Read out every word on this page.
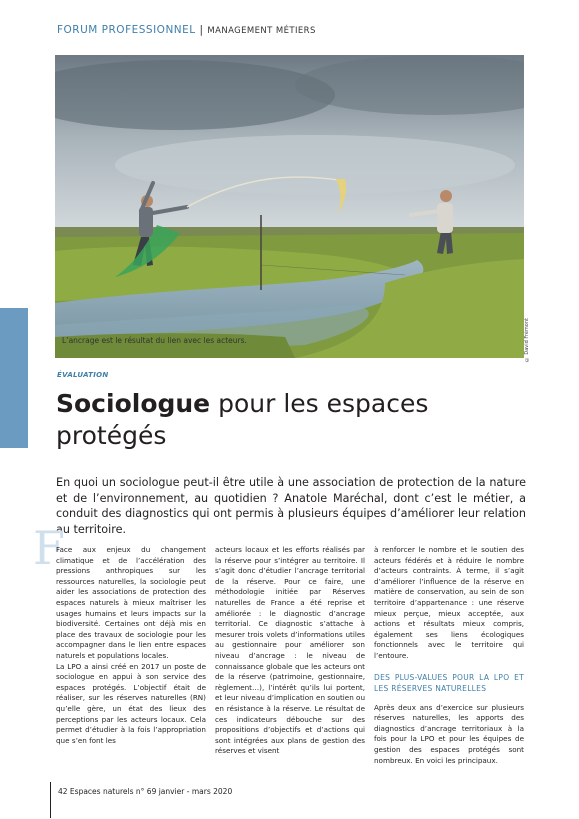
FORUM PROFESSIONNEL | MANAGEMENT MÉTIERS
L’ancrage est le résultat du lien avec les acteurs.	© David Frémont
ÉVALUATION
Sociologue pour les espaces protégés
En quoi un sociologue peut-il être utile à une association de protection de la nature et de l’environnement, au quotidien ? Anatole Maréchal, dont c’est le métier, a conduit des diagnostics qui ont permis à plusieurs équipes d’améliorer leur relation au territoire.
F

Face aux enjeux du changement climatique et de l’accélération des pressions anthropiques sur les ressources naturelles, la sociologie peut aider les associations de protection des espaces naturels à mieux maîtriser les usages humains et leurs impacts sur la biodiversité. Certaines ont déjà mis en place des travaux de sociologie pour les accompagner dans le lien entre espaces naturels et populations locales.

La LPO a ainsi créé en 2017 un poste de sociologue en appui à son service des espaces protégés. L’objectif était de réaliser, sur les réserves naturelles (RN) qu’elle gère, un état des lieux des perceptions par les acteurs locaux. Cela permet d’étudier à la fois l’appropriation que s’en font les

acteurs locaux et les efforts réalisés par la réserve pour s’intégrer au territoire. Il s’agit donc d’étudier l’ancrage territorial de la réserve. Pour ce faire, une méthodologie initiée par Réserves naturelles de France a été reprise et améliorée : le diagnostic d’ancrage territorial. Ce diagnostic s’attache à mesurer trois volets d’informations utiles au gestionnaire pour améliorer son niveau d’ancrage : le niveau de connaissance globale que les acteurs ont de la réserve (patrimoine, gestionnaire, règlement…), l’intérêt qu’ils lui portent, et leur niveau d’implication en soutien ou en résistance à la réserve. Le résultat de ces indicateurs débouche sur des propositions d’objectifs et d’actions qui sont intégrées aux plans de gestion des réserves et visent

à renforcer le nombre et le soutien des acteurs fédérés et à réduire le nombre d’acteurs contraints. À terme, il s’agit d’améliorer l’influence de la réserve en matière de conservation, au sein de son territoire d’appartenance : une réserve mieux perçue, mieux acceptée, aux actions et résultats mieux compris, également ses liens écologiques fonctionnels avec le territoire qui l’entoure.

DES PLUS-VALUES POUR LA LPO ET LES RÉSERVES NATURELLES

Après deux ans d’exercice sur plusieurs réserves naturelles, les apports des diagnostics d’ancrage territoriaux à la fois pour la LPO et pour les équipes de gestion des espaces protégés sont nombreux. En voici les principaux.

42 Espaces naturels n° 69 janvier - mars 2020
